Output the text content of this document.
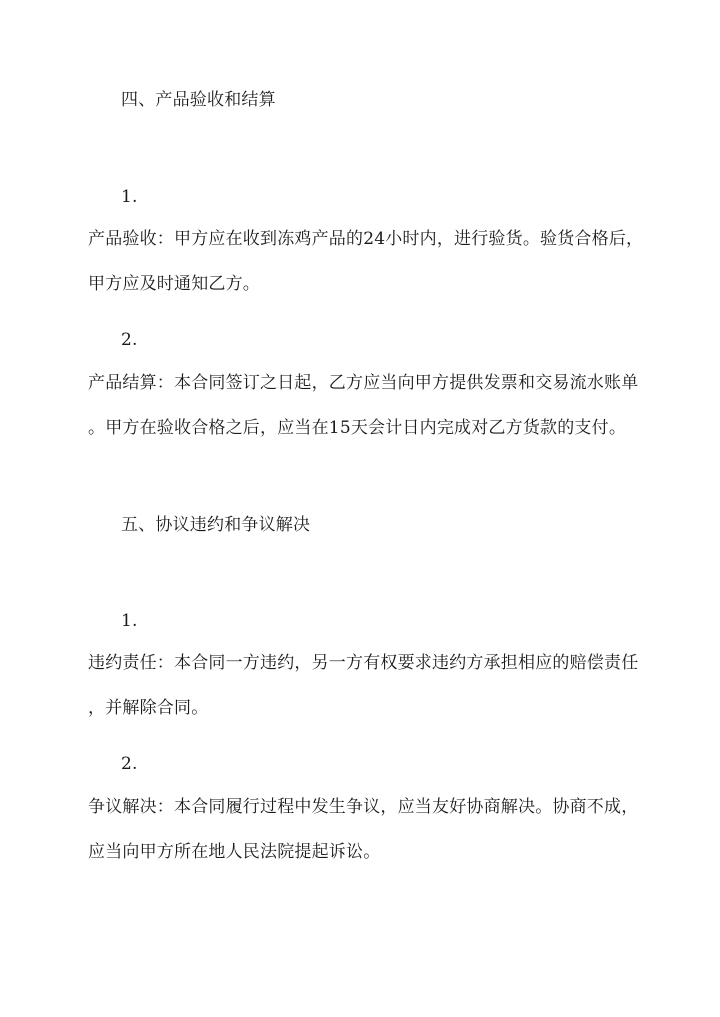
四、产品验收和结算
1.
产品验收：甲方应在收到冻鸡产品的24小时内，进行验货。验货合格后，
甲方应及时通知乙方。
2.
产品结算：本合同签订之日起，乙方应当向甲方提供发票和交易流水账单
。甲方在验收合格之后，应当在15天会计日内完成对乙方货款的支付。
五、协议违约和争议解决
1.
违约责任：本合同一方违约，另一方有权要求违约方承担相应的赔偿责任
，并解除合同。
2.
争议解决：本合同履行过程中发生争议，应当友好协商解决。协商不成，
应当向甲方所在地人民法院提起诉讼。
